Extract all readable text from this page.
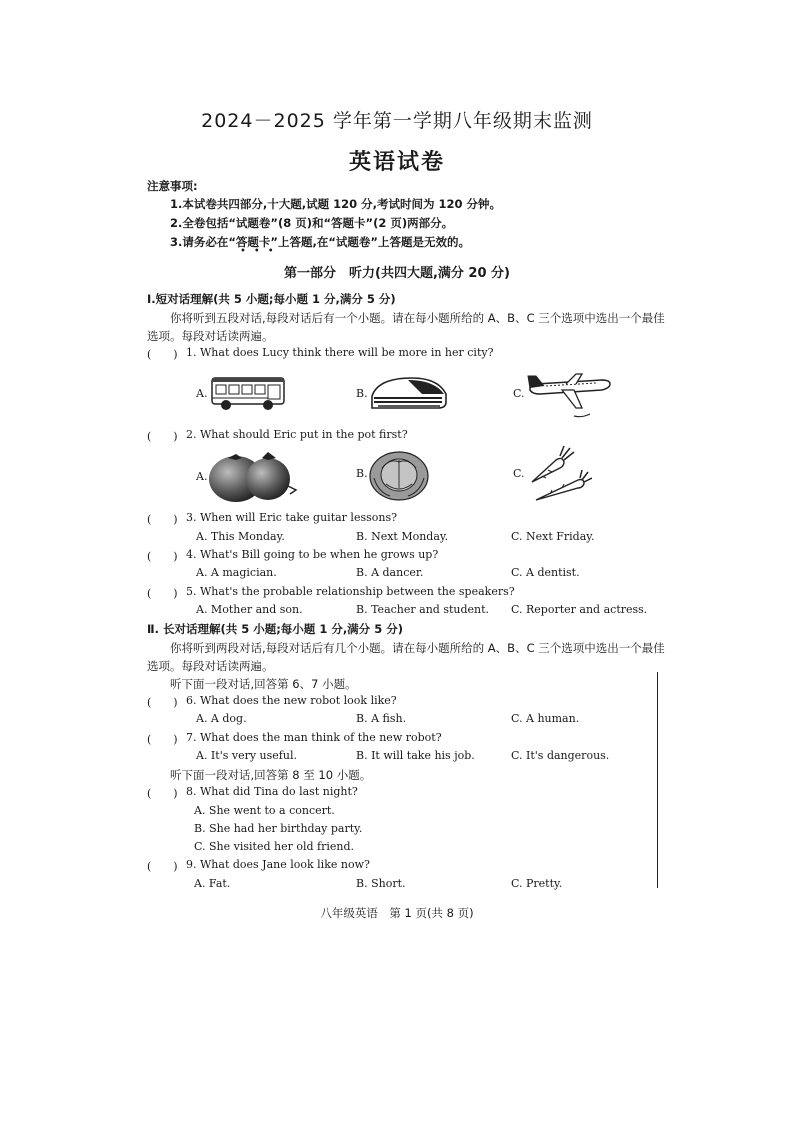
2024－2025 学年第一学期八年级期末监测
英语试卷
注意事项:
1.本试卷共四部分,十大题,试题 120 分,考试时间为 120 分钟。
2.全卷包括“试题卷”(8 页)和“答题卡”(2 页)两部分。
3.请务必在“答题卡”上答题,在“试题卷”上答题是无效的。
•••
第一部分　听力(共四大题,满分 20 分)
Ⅰ.短对话理解(共 5 小题;每小题 1 分,满分 5 分)
你将听到五段对话,每段对话后有一个小题。请在每小题所给的 A、B、C 三个选项中选出一个最佳
选项。每段对话读两遍。
(　　) 1. What does Lucy think there will be more in her city?
A.	B.	C.
(　　) 2. What should Eric put in the pot first?
A.	B.	C.
(　　) 3. When will Eric take guitar lessons?
A. This Monday.	B. Next Monday.	C. Next Friday.
(　　) 4. What's Bill going to be when he grows up?
A. A magician.	B. A dancer.	C. A dentist.
(　　) 5. What's the probable relationship between the speakers?
A. Mother and son.	B. Teacher and student. C. Reporter and actress.
Ⅱ. 长对话理解(共 5 小题;每小题 1 分,满分 5 分)
你将听到两段对话,每段对话后有几个小题。请在每小题所给的 A、B、C 三个选项中选出一个最佳
选项。每段对话读两遍。
听下面一段对话,回答第 6、7 小题。
(　　) 6. What does the new robot look like?
A. A dog.	B. A fish.	C. A human.
(　　) 7. What does the man think of the new robot?
A. It's very useful.	B. It will take his job.	C. It's dangerous.
听下面一段对话,回答第 8 至 10 小题。
(　　) 8. What did Tina do last night?
A. She went to a concert.
B. She had her birthday party.
C. She visited her old friend.
(　　) 9. What does Jane look like now?
A. Fat.	B. Short.	C. Pretty.
八年级英语　第 1 页(共 8 页)
